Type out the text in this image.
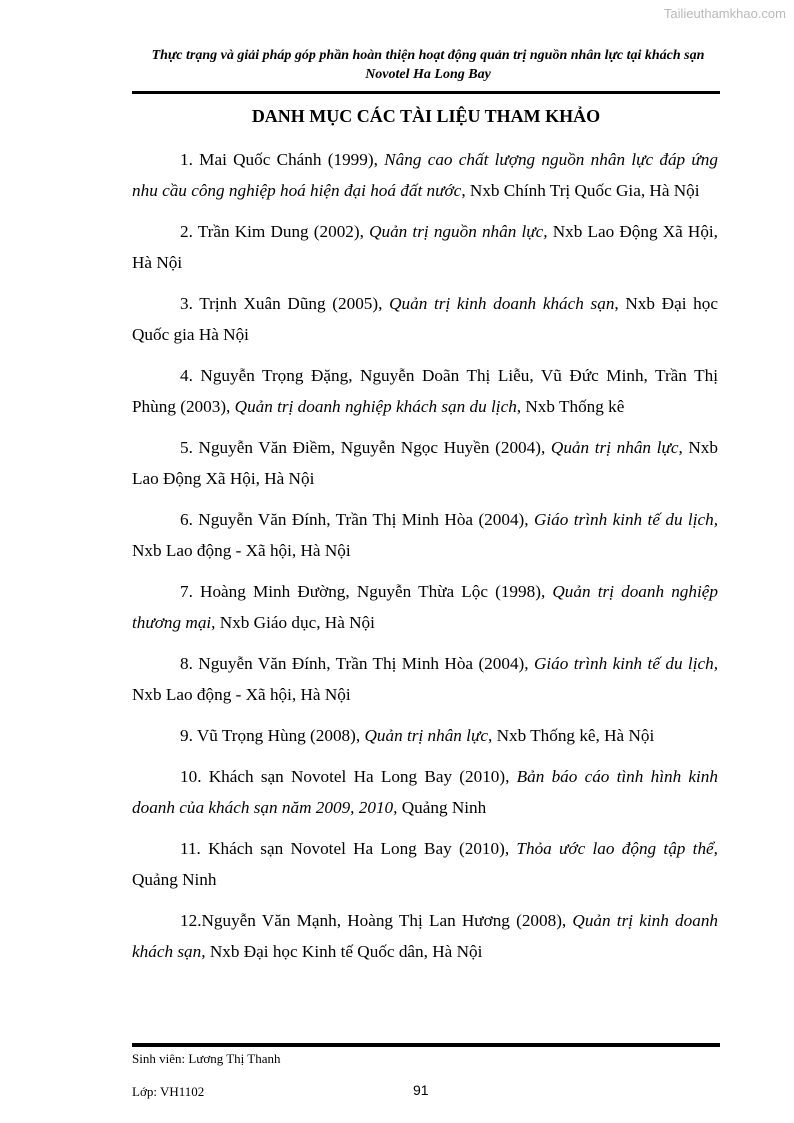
Tailieuthamkhao.com
Thực trạng và giải pháp góp phần hoàn thiện hoạt động quản trị nguồn nhân lực tại khách sạn
Novotel Ha Long Bay
DANH MỤC CÁC TÀI LIỆU THAM KHẢO

1. Mai Quốc Chánh (1999), Nâng cao chất lượng nguồn nhân lực đáp ứng nhu cầu công nghiệp hoá hiện đại hoá đất nước, Nxb Chính Trị Quốc Gia, Hà Nội

2. Trần Kim Dung (2002), Quản trị nguồn nhân lực, Nxb Lao Động Xã Hội, Hà Nội

3. Trịnh Xuân Dũng (2005), Quản trị kinh doanh khách sạn, Nxb Đại học Quốc gia Hà Nội

4. Nguyễn Trọng Đặng, Nguyễn Doãn Thị Liễu, Vũ Đức Minh, Trần Thị Phùng (2003), Quản trị doanh nghiệp khách sạn du lịch, Nxb Thống kê

5. Nguyễn Văn Điềm, Nguyễn Ngọc Huyền (2004), Quản trị nhân lực, Nxb Lao Động Xã Hội, Hà Nội

6. Nguyễn Văn Đính, Trần Thị Minh Hòa (2004), Giáo trình kinh tế du lịch, Nxb Lao động - Xã hội, Hà Nội

7. Hoàng Minh Đường, Nguyễn Thừa Lộc (1998), Quản trị doanh nghiệp thương mại, Nxb Giáo dục, Hà Nội

8. Nguyễn Văn Đính, Trần Thị Minh Hòa (2004), Giáo trình kinh tế du lịch, Nxb Lao động - Xã hội, Hà Nội

9. Vũ Trọng Hùng (2008), Quản trị nhân lực, Nxb Thống kê, Hà Nội

10. Khách sạn Novotel Ha Long Bay (2010), Bản báo cáo tình hình kinh doanh của khách sạn năm 2009, 2010, Quảng Ninh

11. Khách sạn Novotel Ha Long Bay (2010), Thỏa ước lao động tập thể, Quảng Ninh

12.Nguyễn Văn Mạnh, Hoàng Thị Lan Hương (2008), Quản trị kinh doanh khách sạn, Nxb Đại học Kinh tế Quốc dân, Hà Nội

Sinh viên: Lương Thị Thanh
Lớp: VH1102	91
